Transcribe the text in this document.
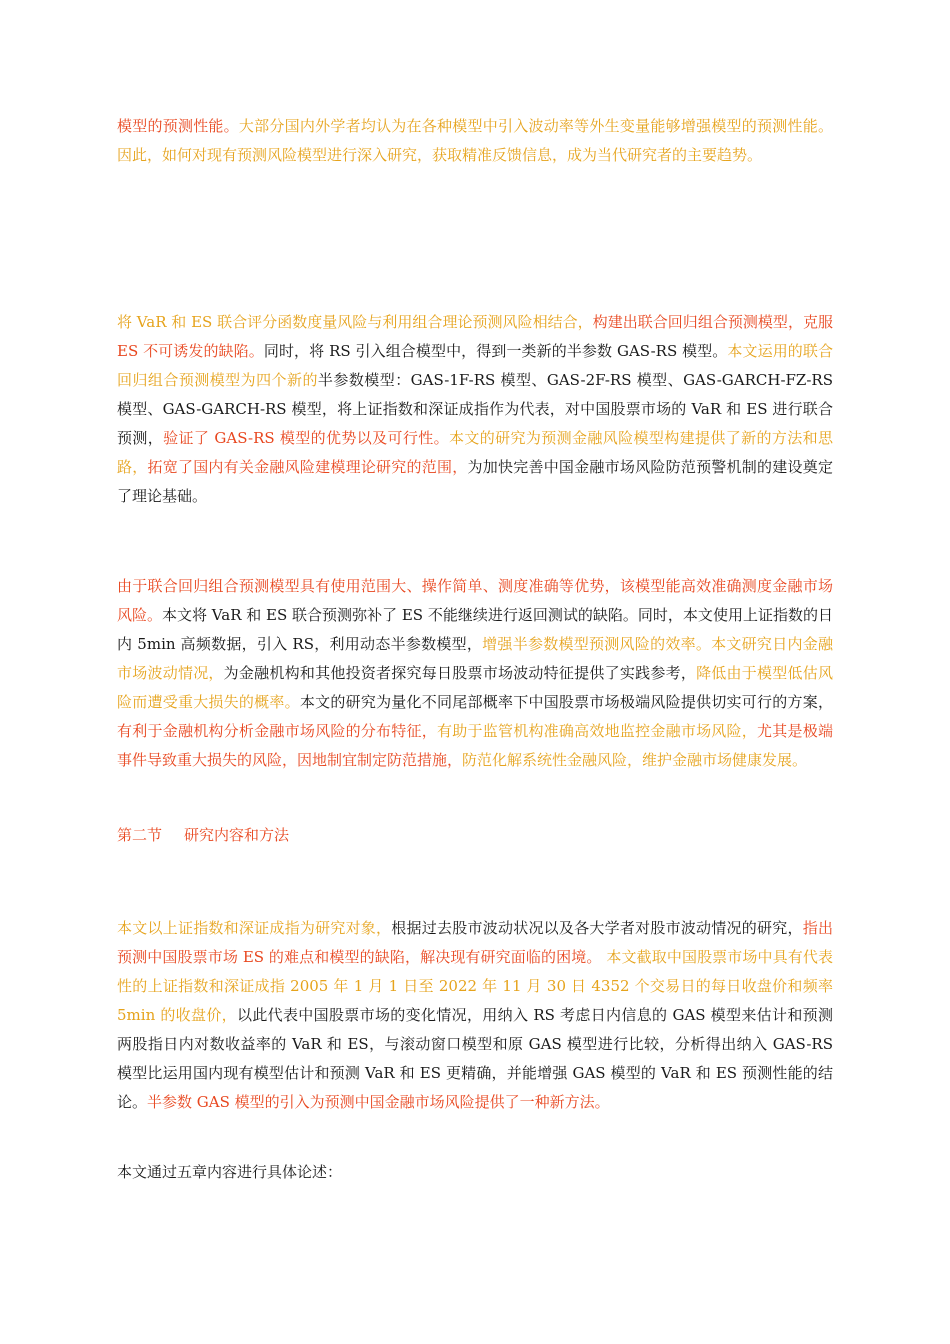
模型的预测性能。大部分国内外学者均认为在各种模型中引入波动率等外生变量能够增强模型的预测性能。因此，如何对现有预测风险模型进行深入研究，获取精准反馈信息，成为当代研究者的主要趋势。

将 VaR 和 ES 联合评分函数度量风险与利用组合理论预测风险相结合，构建出联合回归组合预测模型，克服 ES 不可诱发的缺陷。同时，将 RS 引入组合模型中，得到一类新的半参数 GAS-RS 模型。本文运用的联合回归组合预测模型为四个新的半参数模型：GAS-1F-RS 模型、GAS-2F-RS 模型、GAS-GARCH-FZ-RS 模型、GAS-GARCH-RS 模型，将上证指数和深证成指作为代表，对中国股票市场的 VaR 和 ES 进行联合预测，验证了 GAS-RS 模型的优势以及可行性。本文的研究为预测金融风险模型构建提供了新的方法和思路，拓宽了国内有关金融风险建模理论研究的范围，为加快完善中国金融市场风险防范预警机制的建设奠定了理论基础。

由于联合回归组合预测模型具有使用范围大、操作简单、测度准确等优势，该模型能高效准确测度金融市场风险。本文将 VaR 和 ES 联合预测弥补了 ES 不能继续进行返回测试的缺陷。同时，本文使用上证指数的日内 5min 高频数据，引入 RS，利用动态半参数模型，增强半参数模型预测风险的效率。本文研究日内金融市场波动情况，为金融机构和其他投资者探究每日股票市场波动特征提供了实践参考，降低由于模型低估风险而遭受重大损失的概率。本文的研究为量化不同尾部概率下中国股票市场极端风险提供切实可行的方案，有利于金融机构分析金融市场风险的分布特征，有助于监管机构准确高效地监控金融市场风险，尤其是极端事件导致重大损失的风险，因地制宜制定防范措施，防范化解系统性金融风险，维护金融市场健康发展。

第二节 研究内容和方法

本文以上证指数和深证成指为研究对象，根据过去股市波动状况以及各大学者对股市波动情况的研究，指出预测中国股票市场 ES 的难点和模型的缺陷，解决现有研究面临的困境。 本文截取中国股票市场中具有代表性的上证指数和深证成指 2005 年 1 月 1 日至 2022 年 11 月 30 日 4352 个交易日的每日收盘价和频率 5min 的收盘价，以此代表中国股票市场的变化情况，用纳入 RS 考虑日内信息的 GAS 模型来估计和预测两股指日内对数收益率的 VaR 和 ES，与滚动窗口模型和原 GAS 模型进行比较，分析得出纳入 GAS-RS 模型比运用国内现有模型估计和预测 VaR 和 ES 更精确，并能增强 GAS 模型的 VaR 和 ES 预测性能的结论。半参数 GAS 模型的引入为预测中国金融市场风险提供了一种新方法。

本文通过五章内容进行具体论述：
